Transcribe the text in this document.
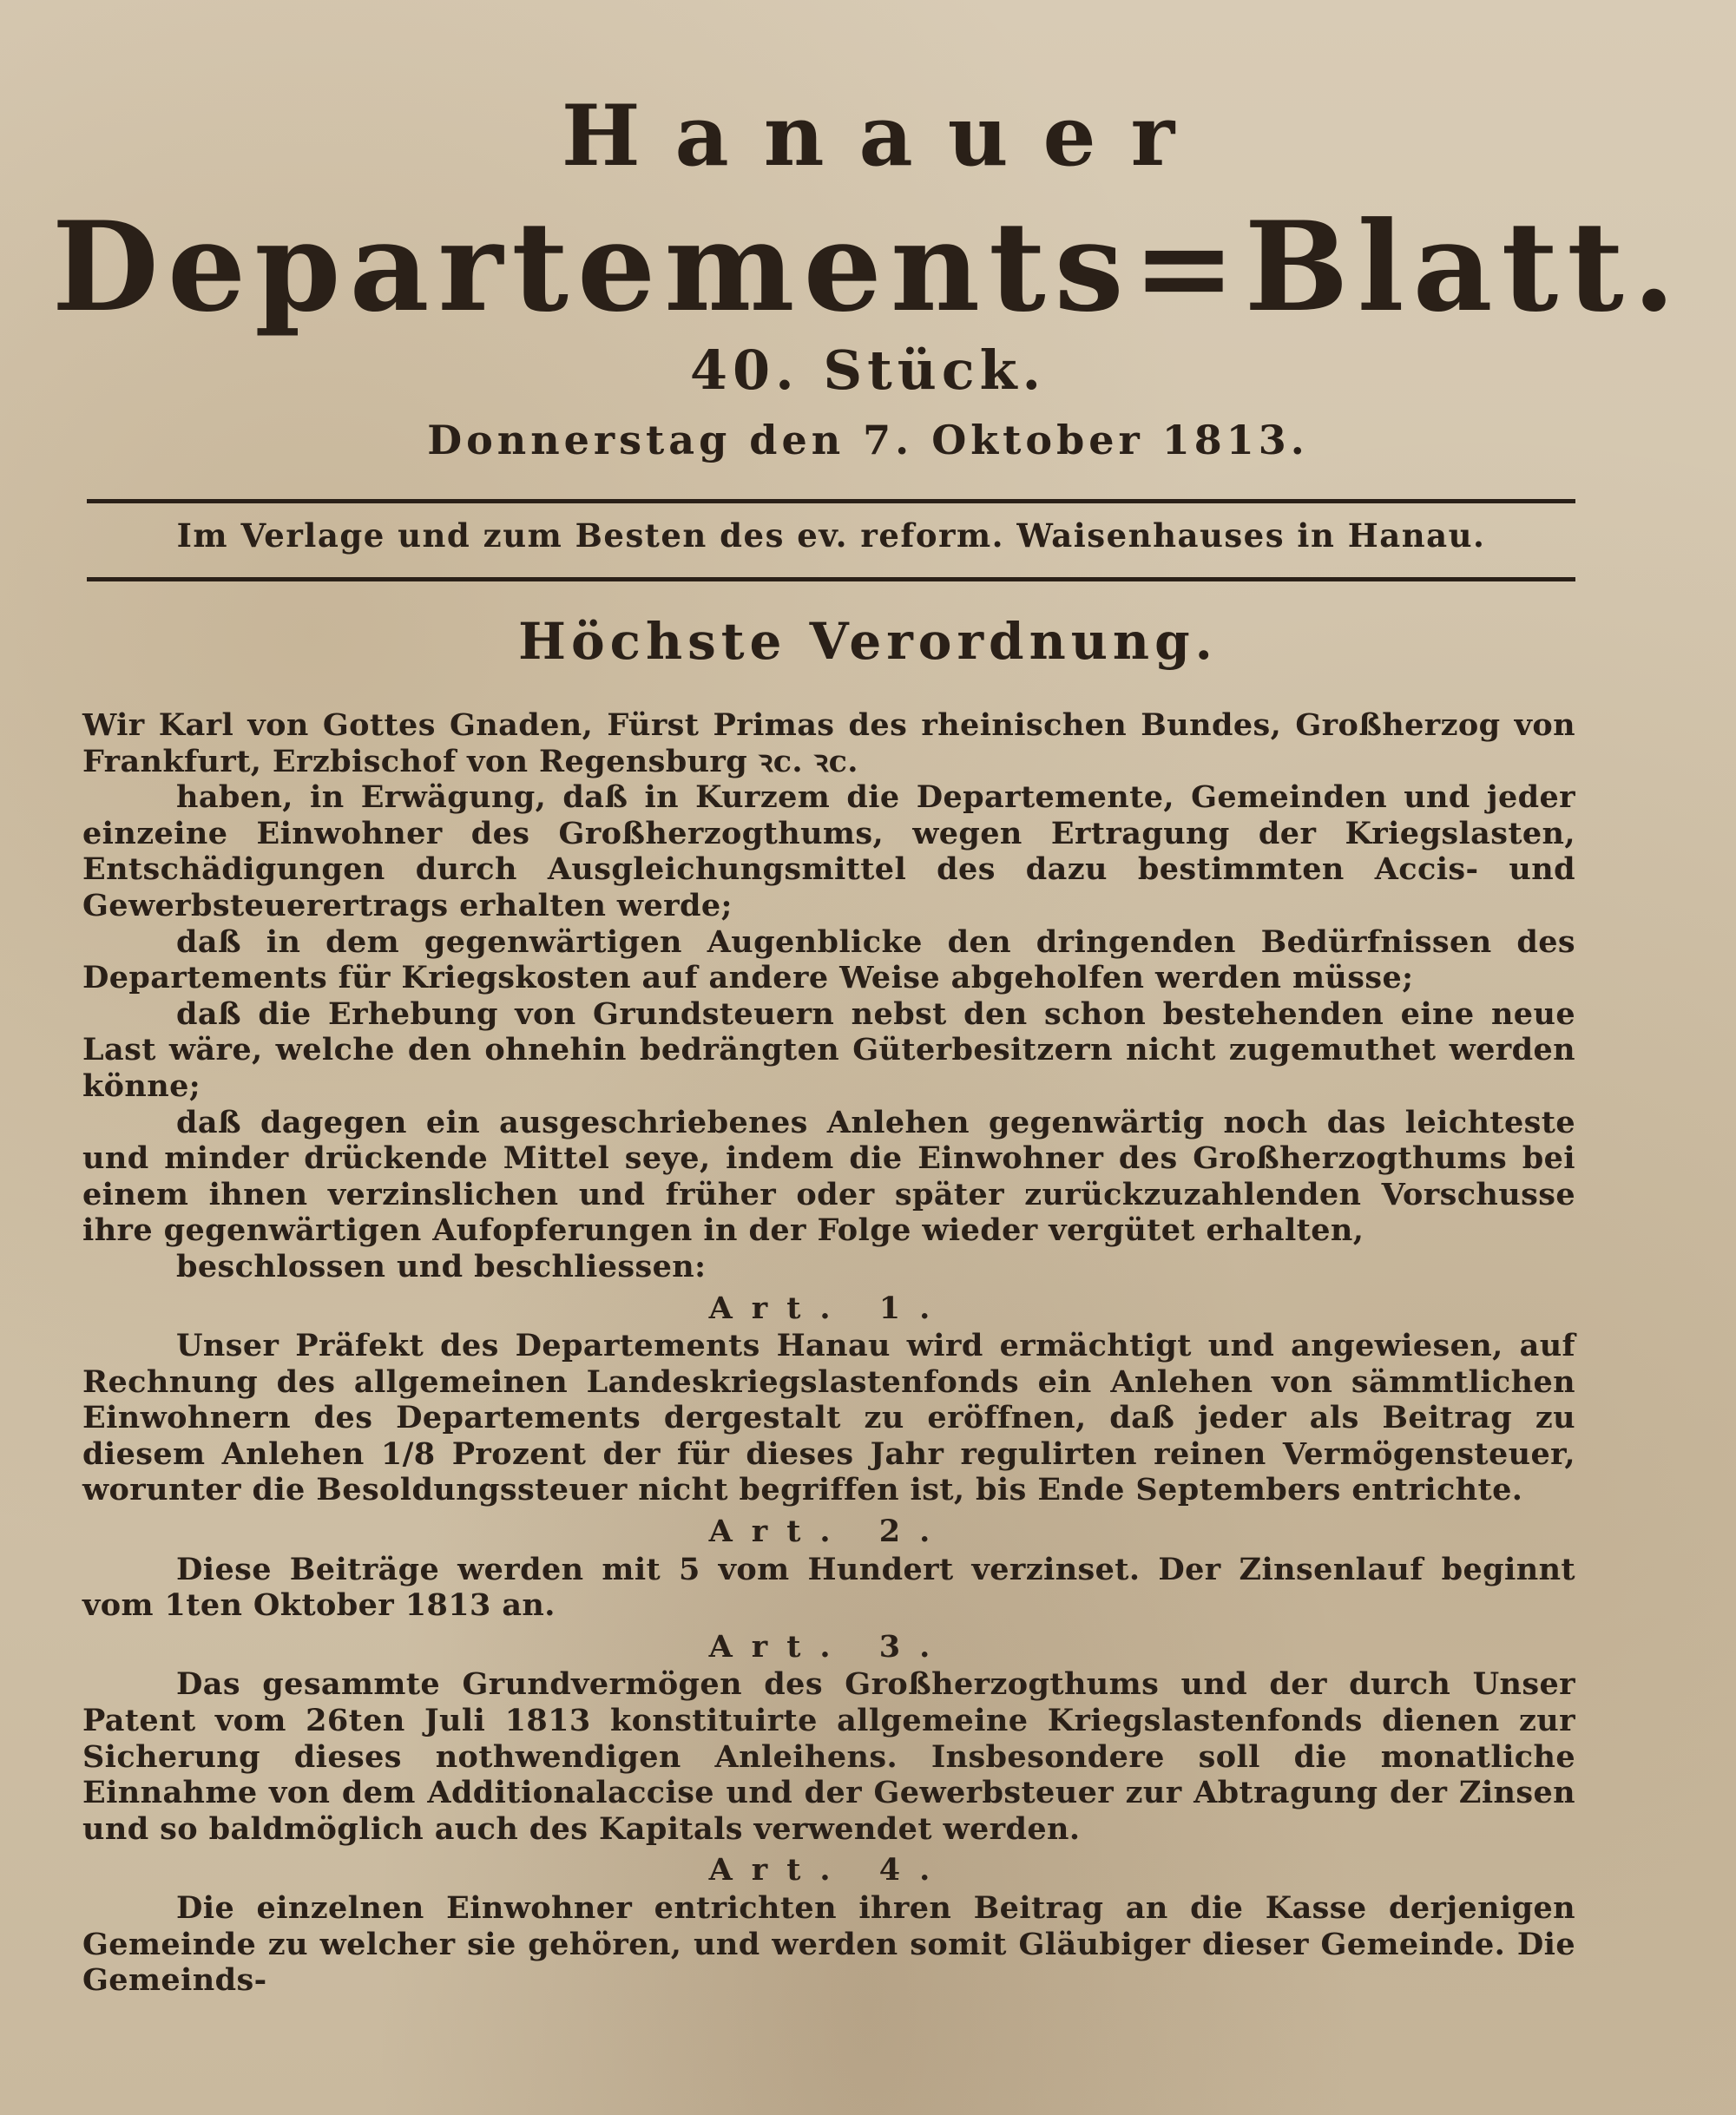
Hanauer
Departements=Blatt.
40. Stück.
Donnerstag den 7. Oktober 1813.
Im Verlage und zum Besten des ev. reform. Waisenhauses in Hanau.
Höchste Verordnung.

Wir Karl von Gottes Gnaden, Fürst Primas des rheinischen Bundes, Großherzog von Frankfurt, Erzbischof von Regensburg ꝛc. ꝛc.

haben, in Erwägung, daß in Kurzem die Departemente, Gemeinden und jeder einzeine Einwohner des Großherzogthums, wegen Ertragung der Kriegslasten, Entschädigungen durch Ausgleichungsmittel des dazu bestimmten Accis- und Gewerbsteuerertrags erhalten werde;

daß in dem gegenwärtigen Augenblicke den dringenden Bedürfnissen des Departements für Kriegskosten auf andere Weise abgeholfen werden müsse;

daß die Erhebung von Grundsteuern nebst den schon bestehenden eine neue Last wäre, welche den ohnehin bedrängten Güterbesitzern nicht zugemuthet werden könne;

daß dagegen ein ausgeschriebenes Anlehen gegenwärtig noch das leichteste und minder drückende Mittel seye, indem die Einwohner des Großherzogthums bei einem ihnen verzinslichen und früher oder später zurückzuzahlenden Vorschusse ihre gegenwärtigen Aufopferungen in der Folge wieder vergütet erhalten,

beschlossen und beschliessen:

Art. 1.

Unser Präfekt des Departements Hanau wird ermächtigt und angewiesen, auf Rechnung des allgemeinen Landeskriegslastenfonds ein Anlehen von sämmtlichen Einwohnern des Departements dergestalt zu eröffnen, daß jeder als Beitrag zu diesem Anlehen 1/8 Prozent der für dieses Jahr regulirten reinen Vermögensteuer, worunter die Besoldungssteuer nicht begriffen ist, bis Ende Septembers entrichte.

Art. 2.

Diese Beiträge werden mit 5 vom Hundert verzinset. Der Zinsenlauf beginnt vom 1ten Oktober 1813 an.

Art. 3.

Das gesammte Grundvermögen des Großherzogthums und der durch Unser Patent vom 26ten Juli 1813 konstituirte allgemeine Kriegslastenfonds dienen zur Sicherung dieses nothwendigen Anleihens. Insbesondere soll die monatliche Einnahme von dem Additionalaccise und der Gewerbsteuer zur Abtragung der Zinsen und so baldmöglich auch des Kapitals verwendet werden.

Art. 4.

Die einzelnen Einwohner entrichten ihren Beitrag an die Kasse derjenigen Gemeinde zu welcher sie gehören, und werden somit Gläubiger dieser Gemeinde. Die Gemeinds-
